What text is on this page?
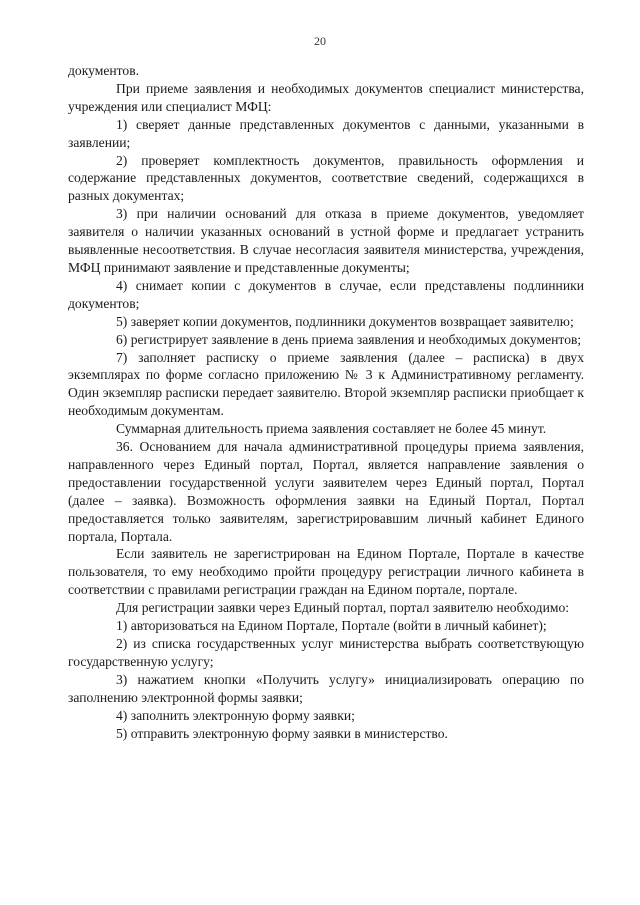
20

документов.

При приеме заявления и необходимых документов специалист министерства, учреждения или специалист МФЦ:

1) сверяет данные представленных документов с данными, указанными в заявлении;

2) проверяет комплектность документов, правильность оформления и содержание представленных документов, соответствие сведений, содержащихся в разных документах;

3) при наличии оснований для отказа в приеме документов, уведомляет заявителя о наличии указанных оснований в устной форме и предлагает устранить выявленные несоответствия. В случае несогласия заявителя министерства, учреждения, МФЦ принимают заявление и представленные документы;

4) снимает копии с документов в случае, если представлены подлинники документов;

5) заверяет копии документов, подлинники документов возвращает заявителю;

6) регистрирует заявление в день приема заявления и необходимых документов;

7) заполняет расписку о приеме заявления (далее – расписка) в двух экземплярах по форме согласно приложению № 3 к Административному регламенту. Один экземпляр расписки передает заявителю. Второй экземпляр расписки приобщает к необходимым документам.

Суммарная длительность приема заявления составляет не более 45 минут.

36. Основанием для начала административной процедуры приема заявления, направленного через Единый портал, Портал, является направление заявления о предоставлении государственной услуги заявителем через Единый портал, Портал (далее – заявка). Возможность оформления заявки на Единый Портал, Портал предоставляется только заявителям, зарегистрировавшим личный кабинет Единого портала, Портала.

Если заявитель не зарегистрирован на Едином Портале, Портале в качестве пользователя, то ему необходимо пройти процедуру регистрации личного кабинета в соответствии с правилами регистрации граждан на Едином портале, портале.

Для регистрации заявки через Единый портал, портал заявителю необходимо:

1) авторизоваться на Едином Портале, Портале (войти в личный кабинет);

2) из списка государственных услуг министерства выбрать соответствующую государственную услугу;

3) нажатием кнопки «Получить услугу» инициализировать операцию по заполнению электронной формы заявки;

4) заполнить электронную форму заявки;

5) отправить электронную форму заявки в министерство.
